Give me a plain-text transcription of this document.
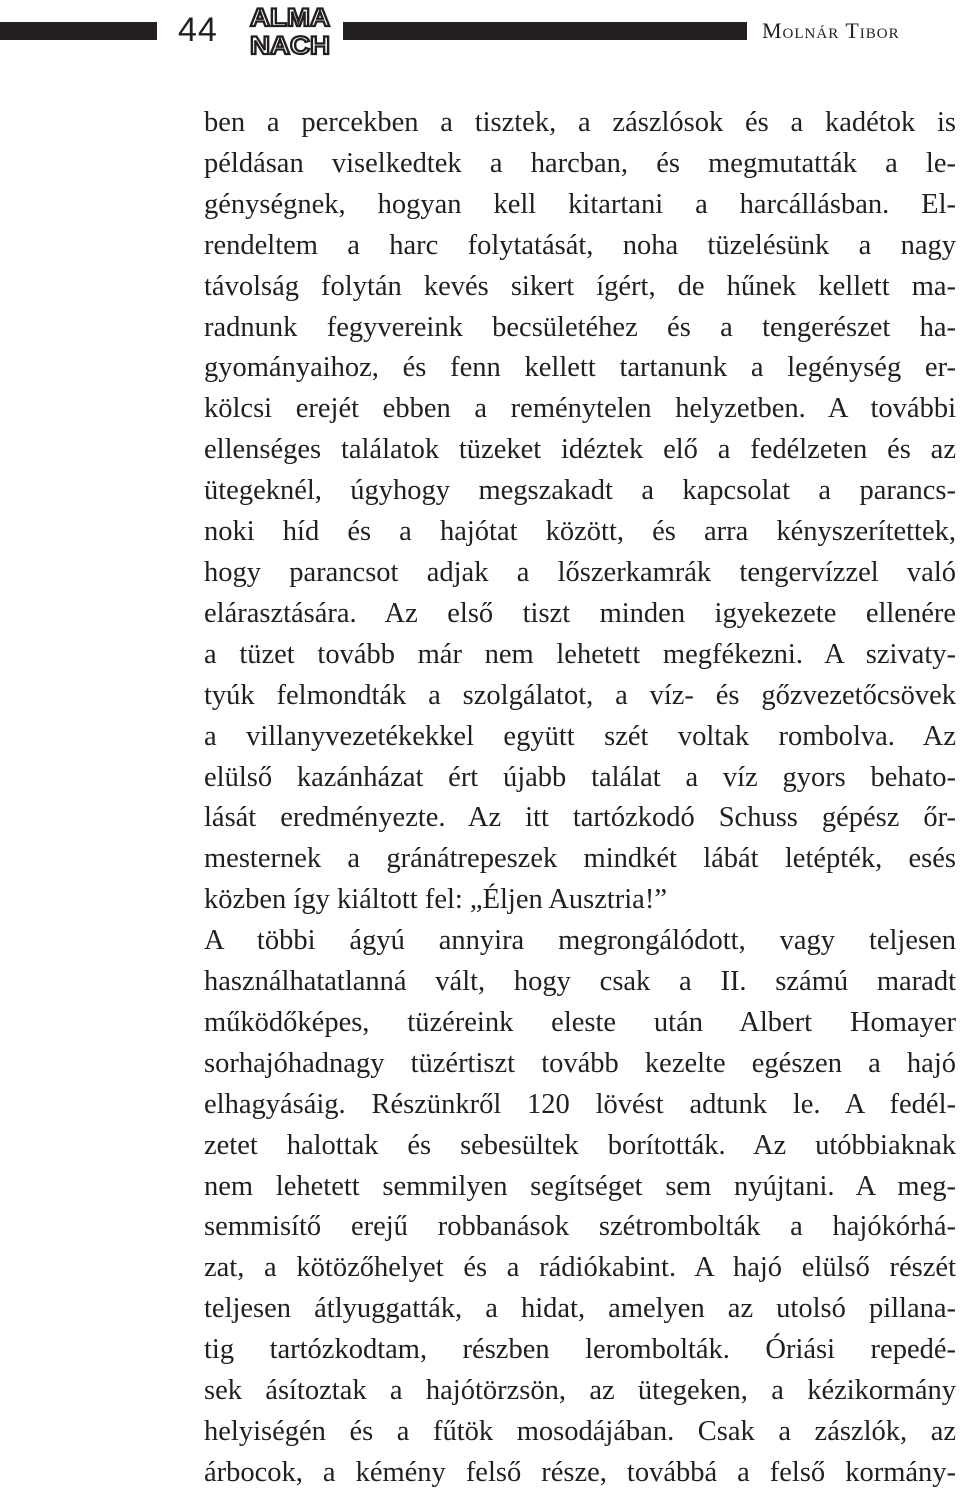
44 ALMA
NACH
Molnár Tibor

ben a percekben a tisztek, a zászlósok és a kadétok is

példásan viselkedtek a harcban, és megmutatták a le-

génységnek, hogyan kell kitartani a harcállásban. El-

rendeltem a harc folytatását, noha tüzelésünk a nagy

távolság folytán kevés sikert ígért, de hűnek kellett ma-

radnunk fegyvereink becsületéhez és a tengerészet ha-

gyományaihoz, és fenn kellett tartanunk a legénység er-

kölcsi erejét ebben a reménytelen helyzetben. A további

ellenséges találatok tüzeket idéztek elő a fedélzeten és az

ütegeknél, úgyhogy megszakadt a kapcsolat a parancs-

noki híd és a hajótat között, és arra kényszerítettek,

hogy parancsot adjak a lőszerkamrák tengervízzel való

elárasztására. Az első tiszt minden igyekezete ellenére

a tüzet tovább már nem lehetett megfékezni. A szivaty-

tyúk felmondták a szolgálatot, a víz- és gőzvezetőcsövek

a villanyvezetékekkel együtt szét voltak rombolva. Az

elülső kazánházat ért újabb találat a víz gyors behato-

lását eredményezte. Az itt tartózkodó Schuss gépész őr-

mesternek a gránátrepeszek mindkét lábát letépték, esés

közben így kiáltott fel: „Éljen Ausztria!”

A többi ágyú annyira megrongálódott, vagy teljesen

használhatatlanná vált, hogy csak a II. számú maradt

működőképes, tüzéreink eleste után Albert Homayer

sorhajóhadnagy tüzértiszt tovább kezelte egészen a hajó

elhagyásáig. Részünkről 120 lövést adtunk le. A fedél-

zetet halottak és sebesültek borították. Az utóbbiaknak

nem lehetett semmilyen segítséget sem nyújtani. A meg-

semmisítő erejű robbanások szétrombolták a hajókórhá-

zat, a kötözőhelyet és a rádiókabint. A hajó elülső részét

teljesen átlyuggatták, a hidat, amelyen az utolsó pillana-

tig tartózkodtam, részben lerombolták. Óriási repedé-

sek ásítoztak a hajótörzsön, az ütegeken, a kézikormány

helyiségén és a fűtök mosodájában. Csak a zászlók, az

árbocok, a kémény felső része, továbbá a felső kormány-
